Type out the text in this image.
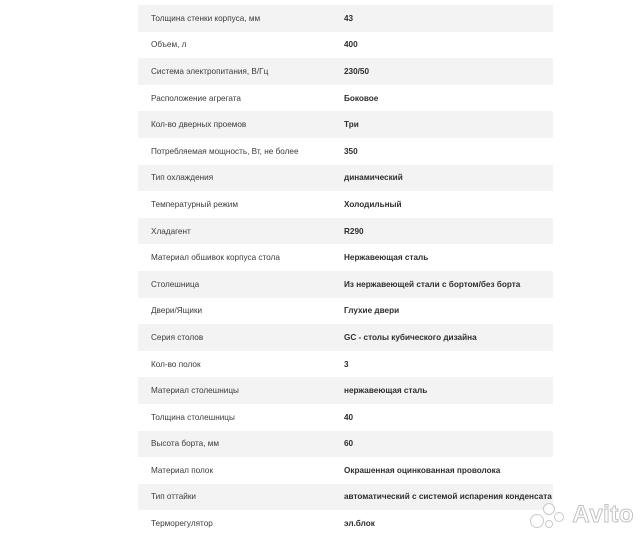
Толщина стенки корпуса, мм	43
Объем, л	400
Система электропитания, В/Гц	230/50
Расположение агрегата	Боковое
Кол-во дверных проемов	Три
Потребляемая мощность, Вт, не более	350
Тип охлаждения	динамический
Температурный режим	Холодильный
Хладагент	R290
Материал обшивок корпуса стола	Нержавеющая сталь
Столешница	Из нержавеющей стали с бортом/без борта
Двери/Ящики	Глухие двери
Серия столов	GC - столы кубического дизайна
Кол-во полок	3
Материал столешницы	нержавеющая сталь
Толщина столешницы	40
Высота борта, мм	60
Материал полок	Окрашенная оцинкованная проволока
Тип оттайки	автоматический с системой испарения конденсата
Терморегулятор	эл.блок	Avito
